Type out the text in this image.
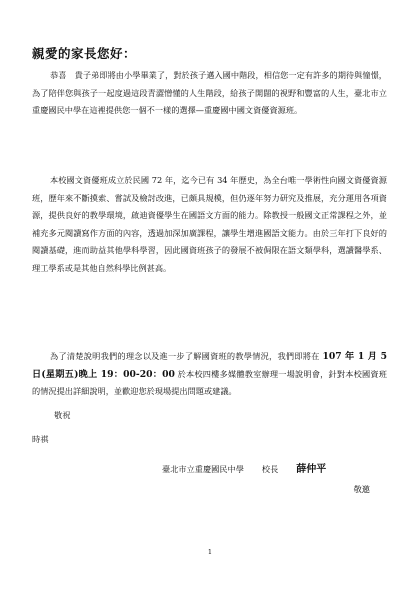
親愛的家長您好：

恭喜　貴子弟即將由小學畢業了，對於孩子邁入國中階段，相信您一定有許多的期待與憧憬，為了陪伴您與孩子一起度過這段青澀憎懂的人生階段，給孩子開闊的視野和豐富的人生，臺北市立重慶國民中學在這裡提供您一個不一樣的選擇—重慶國中國文資優資源班。

本校國文資優班成立於民國 72 年，迄今已有 34 年歷史，為全台唯一學術性向國文資優資源班，歷年來不斷摸索、嘗試及檢討改進，已頗具規模，但仍逐年努力研究及推展，充分運用各項資源，提供良好的教學環境，啟迪資優學生在國語文方面的能力。除教授一般國文正常課程之外，並補充多元閱讀寫作方面的內容，透過加深加廣課程，讓學生增進國語文能力。由於三年打下良好的閱讀基礎，進而助益其他學科學習，因此國資班孩子的發展不被侷限在語文類學科，選讀醫學系、理工學系或是其他自然科學比例甚高。

為了清楚說明我們的理念以及進一步了解國資班的教學情況，我們即將在 107 年 1 月 5 日(星期五)晚上 19：00-20：00 於本校四樓多媒體教室辦理一場說明會，針對本校國資班的情況提出詳細說明，並歡迎您於現場提出問題或建議。

敬祝
時祺
臺北市立重慶國民中學 校長 薛仲平
敬邀
1
